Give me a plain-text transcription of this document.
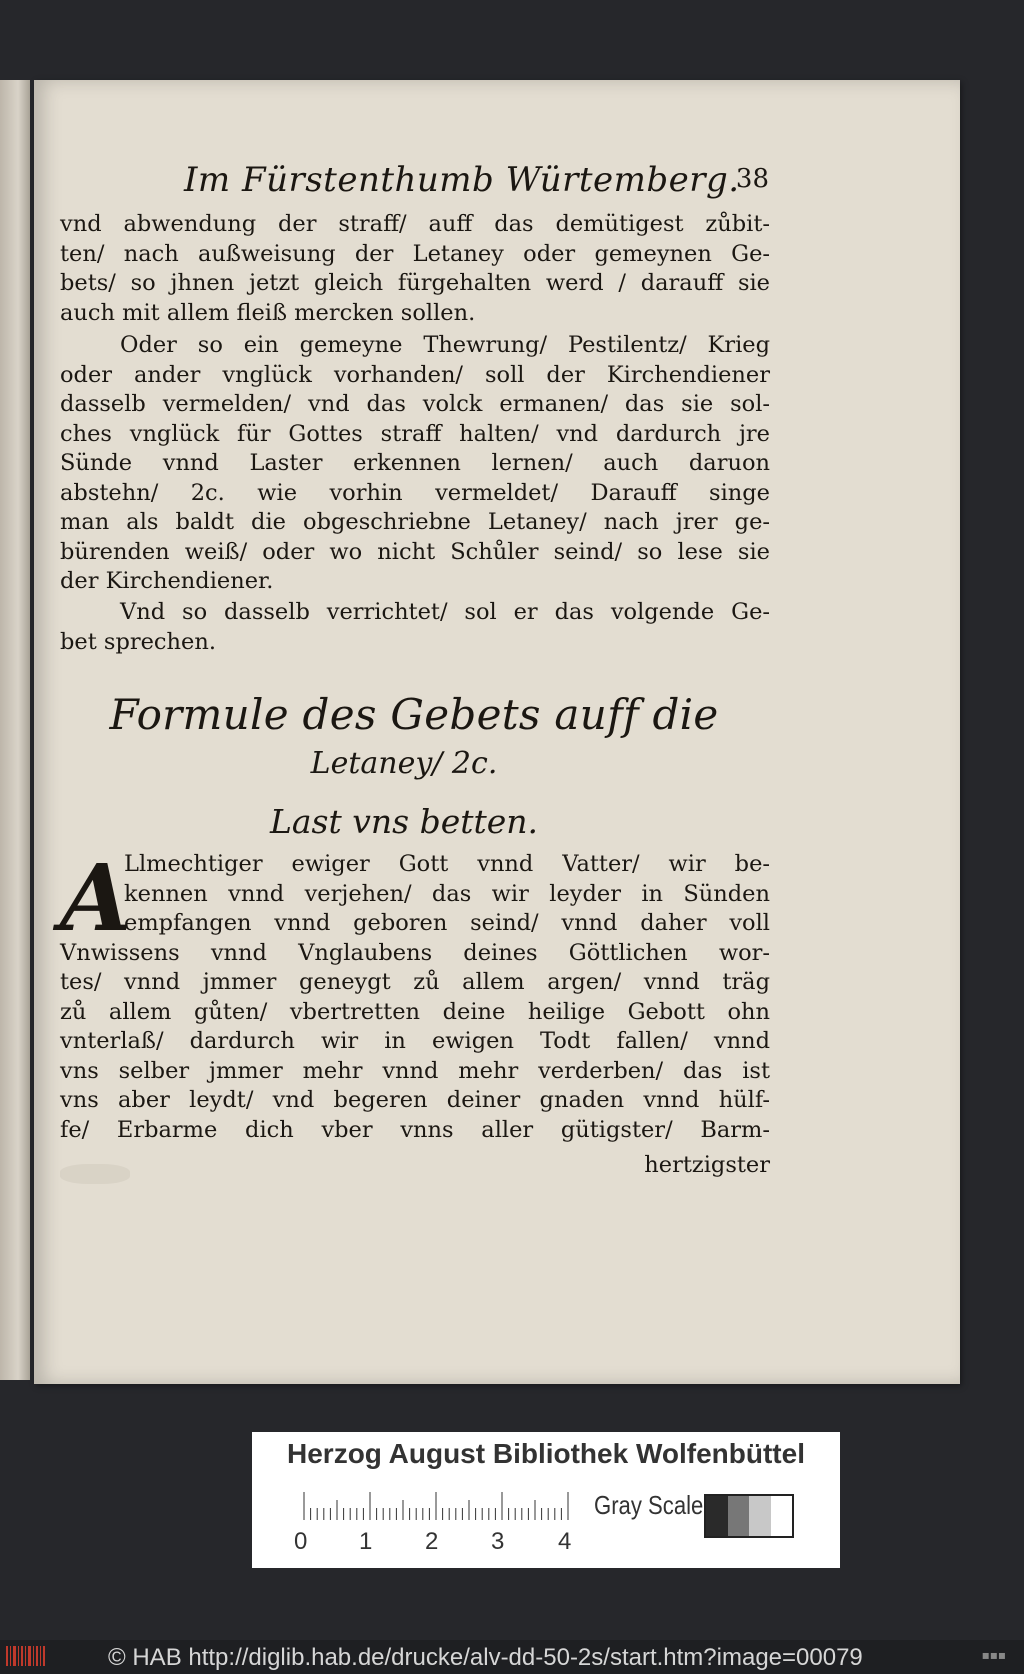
Im Fürstenthumb Würtemberg.
38
vnd abwendung der straff/ auff das demütigest zůbit-
ten/ nach außweisung der Letaney oder gemeynen Ge-
bets/ so jhnen jetzt gleich fürgehalten werd / darauff sie
auch mit allem fleiß mercken sollen.
Oder so ein gemeyne Thewrung/ Pestilentz/ Krieg
oder ander vnglück vorhanden/ soll der Kirchendiener
dasselb vermelden/ vnd das volck ermanen/ das sie sol-
ches vnglück für Gottes straff halten/ vnd dardurch jre
Sünde vnnd Laster erkennen lernen/ auch daruon
abstehn/ 2c. wie vorhin vermeldet/ Darauff singe
man als baldt die obgeschriebne Letaney/ nach jrer ge-
bürenden weiß/ oder wo nicht Schůler seind/ so lese sie
der Kirchendiener.
Vnd so dasselb verrichtet/ sol er das volgende Ge-
bet sprechen.
Formule des Gebets auff die
Letaney/ 2c.
Last vns betten.
A
Llmechtiger ewiger Gott vnnd Vatter/ wir be-
kennen vnnd verjehen/ das wir leyder in Sünden
empfangen vnnd geboren seind/ vnnd daher voll
Vnwissens vnnd Vnglaubens deines Göttlichen wor-
tes/ vnnd jmmer geneygt zů allem argen/ vnnd träg
zů allem gůten/ vbertretten deine heilige Gebott ohn
vnterlaß/ dardurch wir in ewigen Todt fallen/ vnnd
vns selber jmmer mehr vnnd mehr verderben/ das ist
vns aber leydt/ vnd begeren deiner gnaden vnnd hülf-
fe/ Erbarme dich vber vnns aller gütigster/ Barm-
hertzigster
Herzog August Bibliothek Wolfenbüttel
0 1 2 3 4
Gray Scale
© HAB http://diglib.hab.de/drucke/alv-dd-50-2s/start.htm?image=00079	▪▪▪
